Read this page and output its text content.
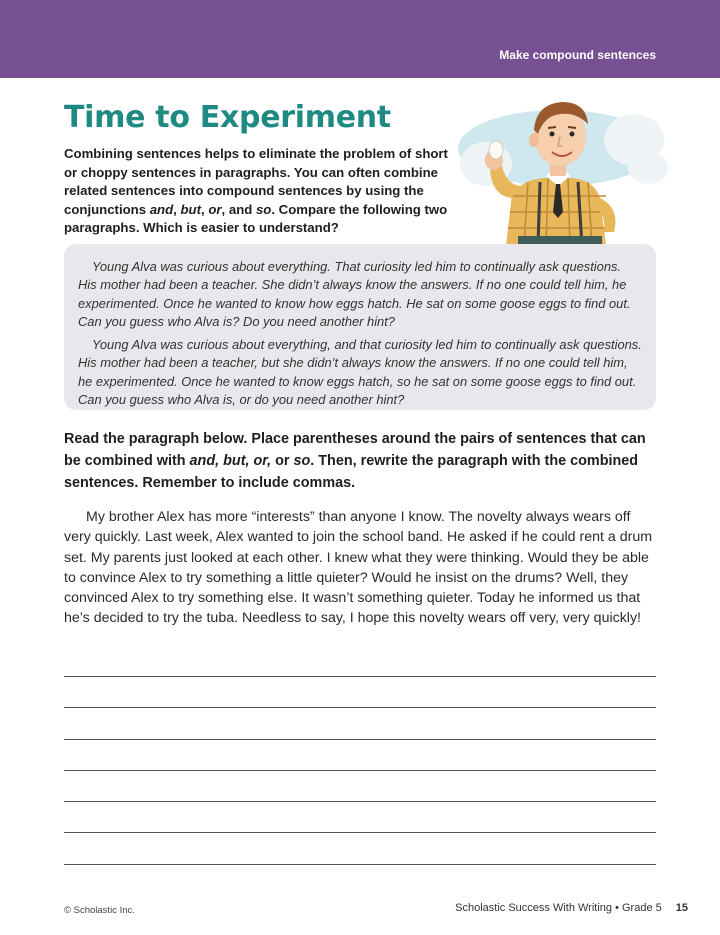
Make compound sentences
Time to Experiment

Combining sentences helps to eliminate the problem of short or choppy sentences in paragraphs. You can often combine related sentences into compound sentences by using the conjunctions and, but, or, and so. Compare the following two paragraphs. Which is easier to understand?

Young Alva was curious about everything. That curiosity led him to continually ask questions. His mother had been a teacher. She didn’t always know the answers. If no one could tell him, he experimented. Once he wanted to know how eggs hatch. He sat on some goose eggs to find out. Can you guess who Alva is? Do you need another hint?

Young Alva was curious about everything, and that curiosity led him to continually ask questions. His mother had been a teacher, but she didn’t always know the answers. If no one could tell him, he experimented. Once he wanted to know eggs hatch, so he sat on some goose eggs to find out. Can you guess who Alva is, or do you need another hint?

Read the paragraph below. Place parentheses around the pairs of sentences that can be combined with and, but, or, or so. Then, rewrite the paragraph with the combined sentences. Remember to include commas.

My brother Alex has more “interests” than anyone I know. The novelty always wears off very quickly. Last week, Alex wanted to join the school band. He asked if he could rent a drum set. My parents just looked at each other. I knew what they were thinking. Would they be able to convince Alex to try something a little quieter? Would he insist on the drums? Well, they convinced Alex to try something else. It wasn’t something quieter. Today he informed us that he’s decided to try the tuba. Needless to say, I hope this novelty wears off very, very quickly!

© Scholastic Inc.	Scholastic Success With Writing • Grade 5 15
